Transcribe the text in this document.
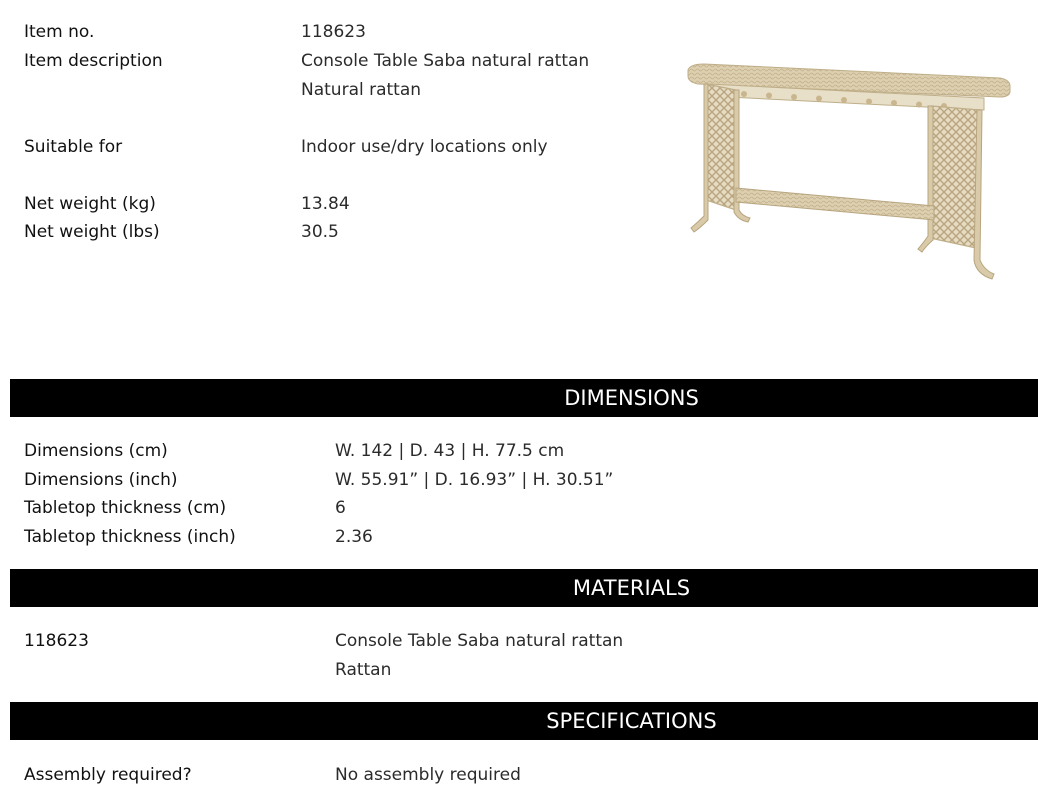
Item no.	118623
Item description	Console Table Saba natural rattan
Natural rattan
Suitable for	Indoor use/dry locations only
Net weight (kg)	13.84
Net weight (lbs)	30.5
DIMENSIONS
Dimensions (cm)	W. 142 | D. 43 | H. 77.5 cm
Dimensions (inch)	W. 55.91” | D. 16.93” | H. 30.51”
Tabletop thickness (cm)	6
Tabletop thickness (inch)	2.36
MATERIALS
118623	Console Table Saba natural rattan
Rattan
SPECIFICATIONS
Assembly required?	No assembly required
